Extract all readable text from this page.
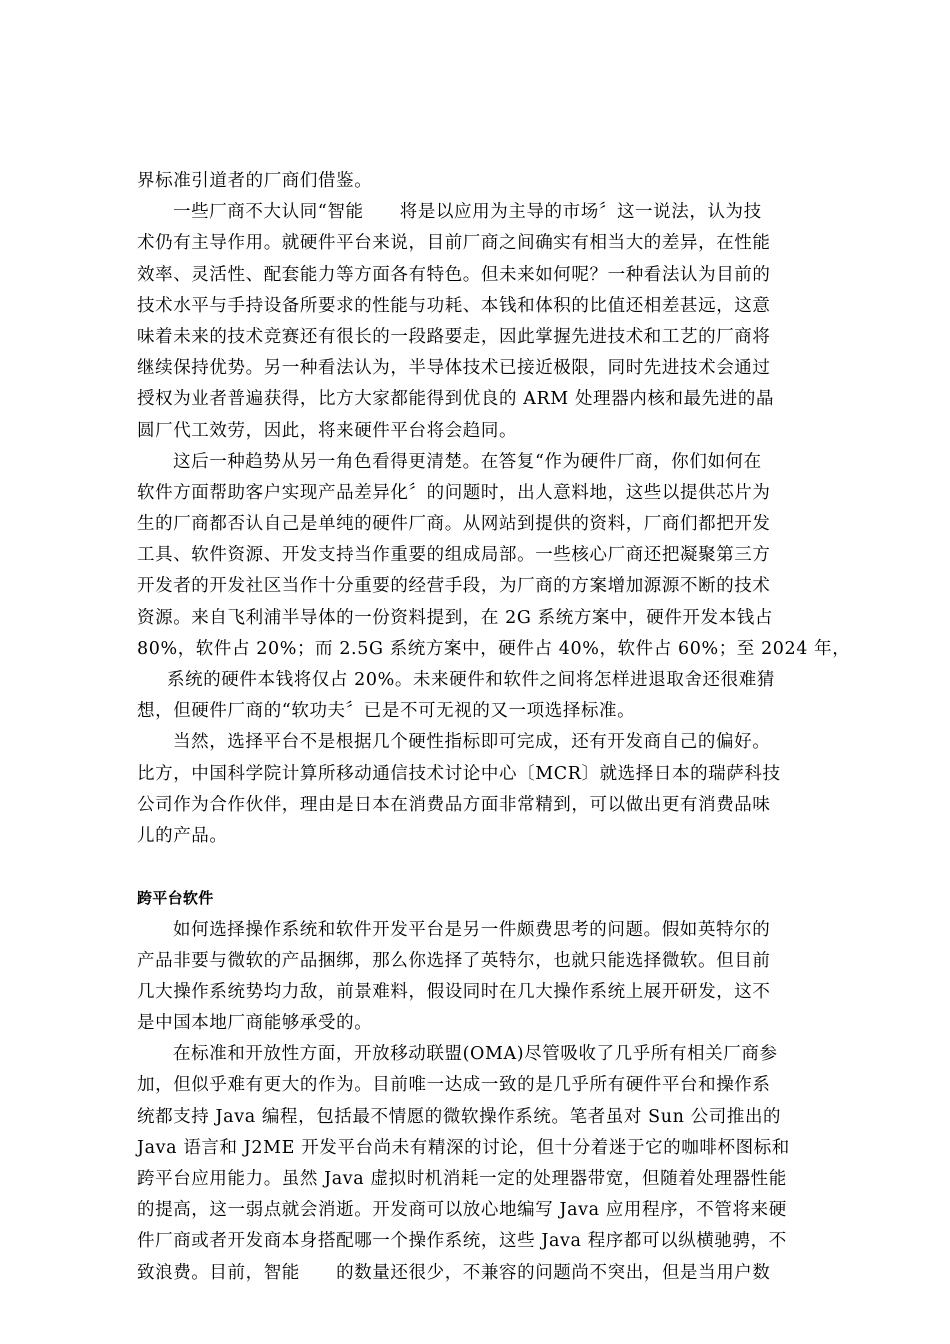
界标准引道者的厂商们借鉴。
一些厂商不大认同“智能　　将是以应用为主导的市场〞这一说法，认为技
术仍有主导作用。就硬件平台来说，目前厂商之间确实有相当大的差异，在性能
效率、灵活性、配套能力等方面各有特色。但未来如何呢？一种看法认为目前的
技术水平与手持设备所要求的性能与功耗、本钱和体积的比值还相差甚远，这意
味着未来的技术竞赛还有很长的一段路要走，因此掌握先进技术和工艺的厂商将
继续保持优势。另一种看法认为，半导体技术已接近极限，同时先进技术会通过
授权为业者普遍获得，比方大家都能得到优良的 ARM 处理器内核和最先进的晶
圆厂代工效劳，因此，将来硬件平台将会趋同。
这后一种趋势从另一角色看得更清楚。在答复“作为硬件厂商，你们如何在
软件方面帮助客户实现产品差异化〞的问题时，出人意料地，这些以提供芯片为
生的厂商都否认自己是单纯的硬件厂商。从网站到提供的资料，厂商们都把开发
工具、软件资源、开发支持当作重要的组成局部。一些核心厂商还把凝聚第三方
开发者的开发社区当作十分重要的经营手段，为厂商的方案增加源源不断的技术
资源。来自飞利浦半导体的一份资料提到，在 2G 系统方案中，硬件开发本钱占
80%，软件占 20%；而 2.5G 系统方案中，硬件占 40%，软件占 60%；至 2024 年，
系统的硬件本钱将仅占 20%。未来硬件和软件之间将怎样进退取舍还很难猜
想，但硬件厂商的“软功夫〞已是不可无视的又一项选择标准。
当然，选择平台不是根据几个硬性指标即可完成，还有开发商自己的偏好。
比方，中国科学院计算所移动通信技术讨论中心〔MCR〕就选择日本的瑞萨科技
公司作为合作伙伴，理由是日本在消费品方面非常精到，可以做出更有消费品味
儿的产品。
跨平台软件
如何选择操作系统和软件开发平台是另一件颇费思考的问题。假如英特尔的
产品非要与微软的产品捆绑，那么你选择了英特尔，也就只能选择微软。但目前
几大操作系统势均力敌，前景难料，假设同时在几大操作系统上展开研发，这不
是中国本地厂商能够承受的。
在标准和开放性方面，开放移动联盟(OMA)尽管吸收了几乎所有相关厂商参
加，但似乎难有更大的作为。目前唯一达成一致的是几乎所有硬件平台和操作系
统都支持 Java 编程，包括最不情愿的微软操作系统。笔者虽对 Sun 公司推出的
Java 语言和 J2ME 开发平台尚未有精深的讨论，但十分着迷于它的咖啡杯图标和
跨平台应用能力。虽然 Java 虚拟时机消耗一定的处理器带宽，但随着处理器性能
的提高，这一弱点就会消逝。开发商可以放心地编写 Java 应用程序，不管将来硬
件厂商或者开发商本身搭配哪一个操作系统，这些 Java 程序都可以纵横驰骋，不
致浪费。目前，智能　　的数量还很少，不兼容的问题尚不突出，但是当用户数
